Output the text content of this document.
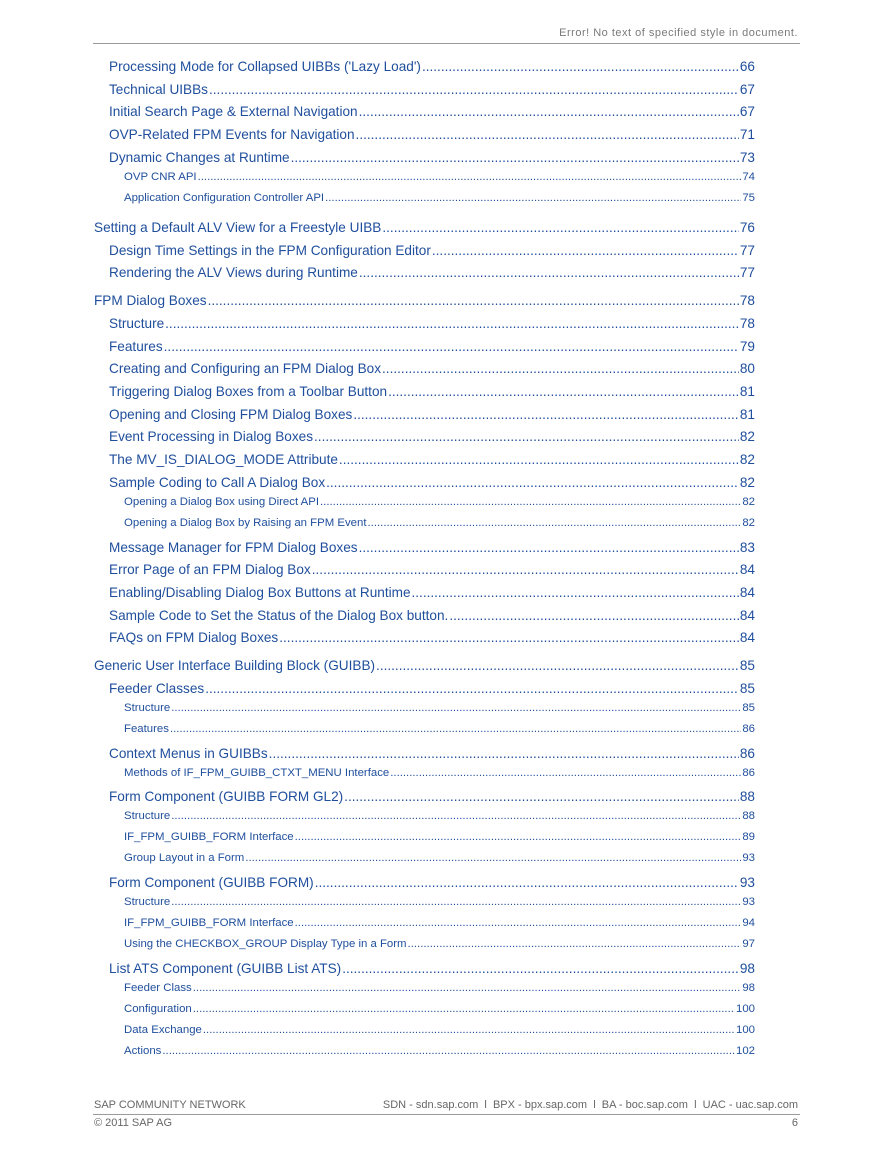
Error! No text of specified style in document.
Processing Mode for Collapsed UIBBs ('Lazy Load') .....	66
Technical UIBBs .....	67
Initial Search Page & External Navigation .....	67
OVP-Related FPM Events for Navigation .....	71
Dynamic Changes at Runtime .....	73
OVP CNR API .....	74
Application Configuration Controller API .....	75
Setting a Default ALV View for a Freestyle UIBB .....	76
Design Time Settings in the FPM Configuration Editor .....	77
Rendering the ALV Views during Runtime .....	77
FPM Dialog Boxes .....	78
Structure .....	78
Features .....	79
Creating and Configuring an FPM Dialog Box .....	80
Triggering Dialog Boxes from a Toolbar Button .....	81
Opening and Closing FPM Dialog Boxes .....	81
Event Processing in Dialog Boxes .....	82
The MV_IS_DIALOG_MODE Attribute .....	82
Sample Coding to Call A Dialog Box .....	82
Opening a Dialog Box using Direct API .....	82
Opening a Dialog Box by Raising an FPM Event .....	82
Message Manager for FPM Dialog Boxes .....	83
Error Page of an FPM Dialog Box .....	84
Enabling/Disabling Dialog Box Buttons at Runtime .....	84
Sample Code to Set the Status of the Dialog Box button. .....	84
FAQs on FPM Dialog Boxes .....	84
Generic User Interface Building Block (GUIBB) .....	85
Feeder Classes .....	85
Structure .....	85
Features .....	86
Context Menus in GUIBBs .....	86
Methods of IF_FPM_GUIBB_CTXT_MENU Interface .....	86
Form Component (GUIBB FORM GL2) .....	88
Structure .....	88
IF_FPM_GUIBB_FORM Interface .....	89
Group Layout in a Form .....	93
Form Component (GUIBB FORM) .....	93
Structure .....	93
IF_FPM_GUIBB_FORM Interface .....	94
Using the CHECKBOX_GROUP Display Type in a Form .....	97
List ATS Component (GUIBB List ATS) .....	98
Feeder Class .....	98
Configuration .....	100
Data Exchange .....	100
Actions .....	102
SAP COMMUNITY NETWORK	SDN - sdn.sap.com  l  BPX - bpx.sap.com  l  BA - boc.sap.com  l  UAC - uac.sap.com
© 2011 SAP AG	6
